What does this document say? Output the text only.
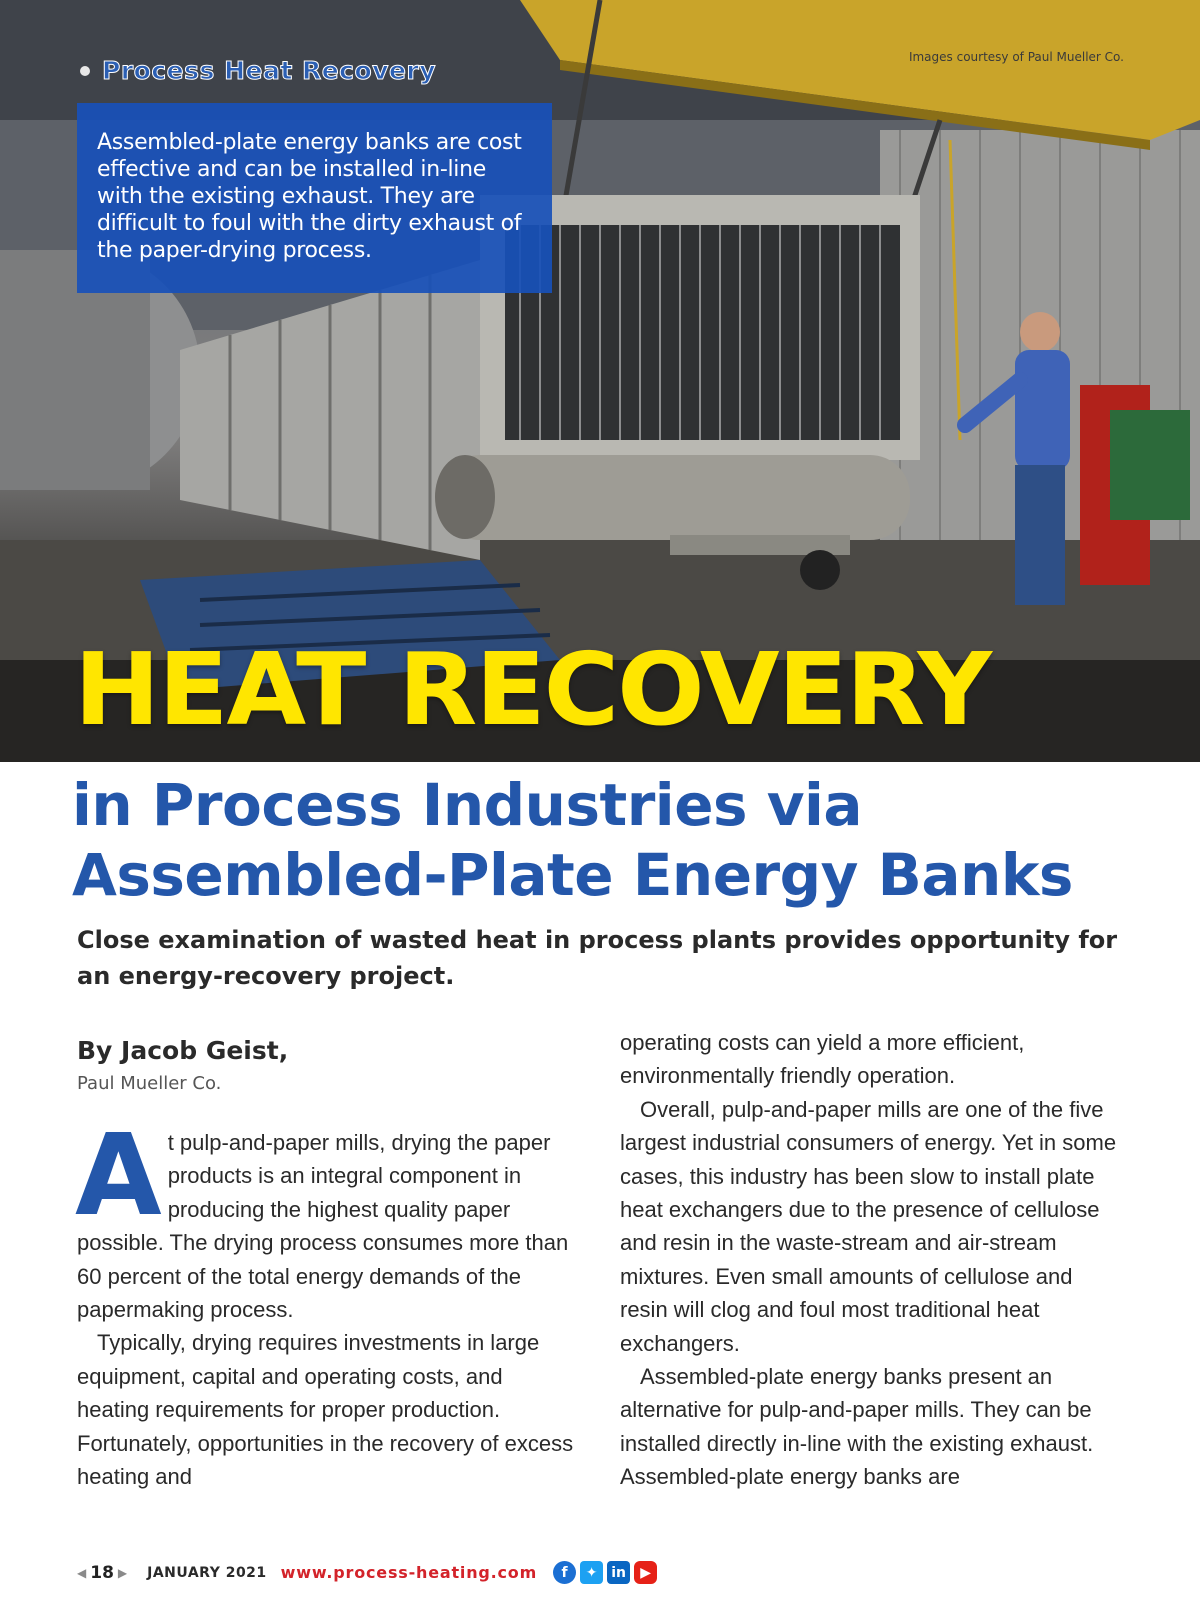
Images courtesy of Paul Mueller Co.
Process Heat Recovery

Assembled-plate energy banks are cost effective and can be installed in-line with the existing exhaust. They are difficult to foul with the dirty exhaust of the paper-drying process.

HEAT RECOVERY
in Process Industries via
Assembled-Plate Energy Banks
Close examination of wasted heat in process plants provides opportunity for an energy-recovery project.
By Jacob Geist,
Paul Mueller Co.

At pulp-and-paper mills, drying the paper products is an integral component in producing the highest quality paper possible. The drying process consumes more than 60 percent of the total energy demands of the papermaking process.

Typically, drying requires investments in large equipment, capital and operating costs, and heating requirements for proper production. Fortunately, opportunities in the recovery of excess heating and

operating costs can yield a more efficient, environmentally friendly operation.

Overall, pulp-and-paper mills are one of the five largest industrial consumers of energy. Yet in some cases, this industry has been slow to install plate heat exchangers due to the presence of cellulose and resin in the waste-stream and air-stream mixtures. Even small amounts of cellulose and resin will clog and foul most traditional heat exchangers.

Assembled-plate energy banks present an alternative for pulp-and-paper mills. They can be installed directly in-line with the existing exhaust. Assembled-plate energy banks are

◀ 18 ▶ JANUARY 2021 www.process-heating.com	f	✦ in	▶
